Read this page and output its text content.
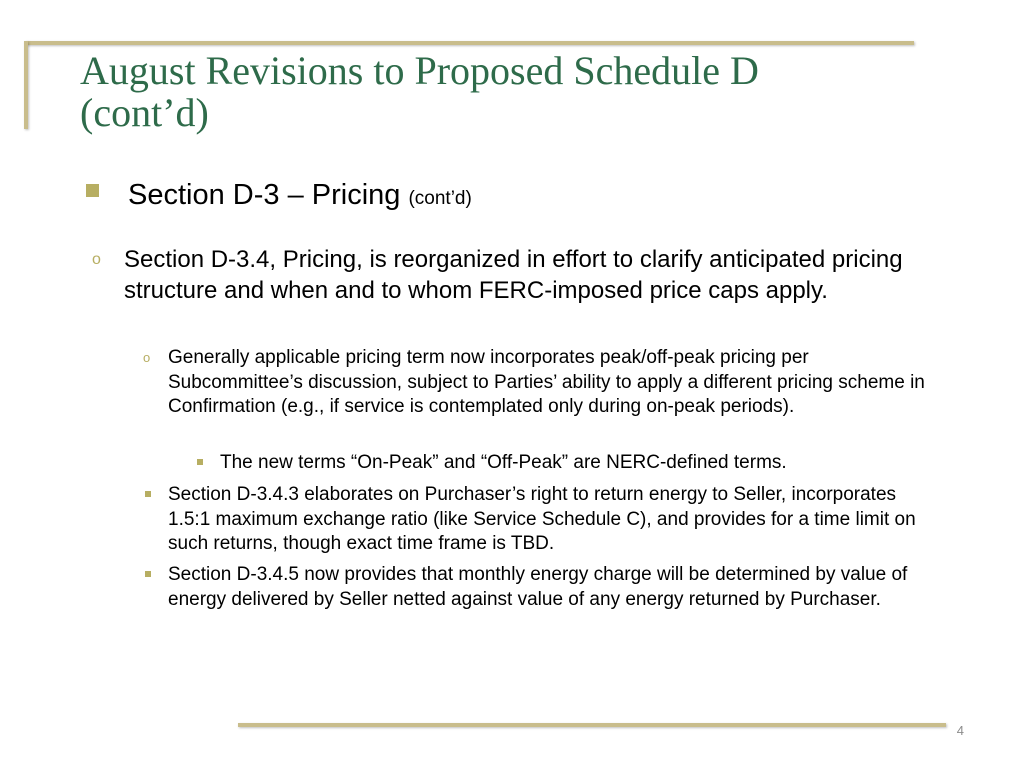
August Revisions to Proposed Schedule D
(cont’d)
Section D-3 – Pricing (cont’d)
o Section D-3.4, Pricing, is reorganized in effort to clarify anticipated pricing structure and when and to whom FERC-imposed price caps apply.
o Generally applicable pricing term now incorporates peak/off-peak pricing per Subcommittee’s discussion, subject to Parties’ ability to apply a different pricing scheme in Confirmation (e.g., if service is contemplated only during on-peak periods).
The new terms “On-Peak” and “Off-Peak” are NERC-defined terms.
Section D-3.4.3 elaborates on Purchaser’s right to return energy to Seller, incorporates 1.5:1 maximum exchange ratio (like Service Schedule C), and provides for a time limit on such returns, though exact time frame is TBD.
Section D-3.4.5 now provides that monthly energy charge will be determined by value of energy delivered by Seller netted against value of any energy returned by Purchaser.
4
